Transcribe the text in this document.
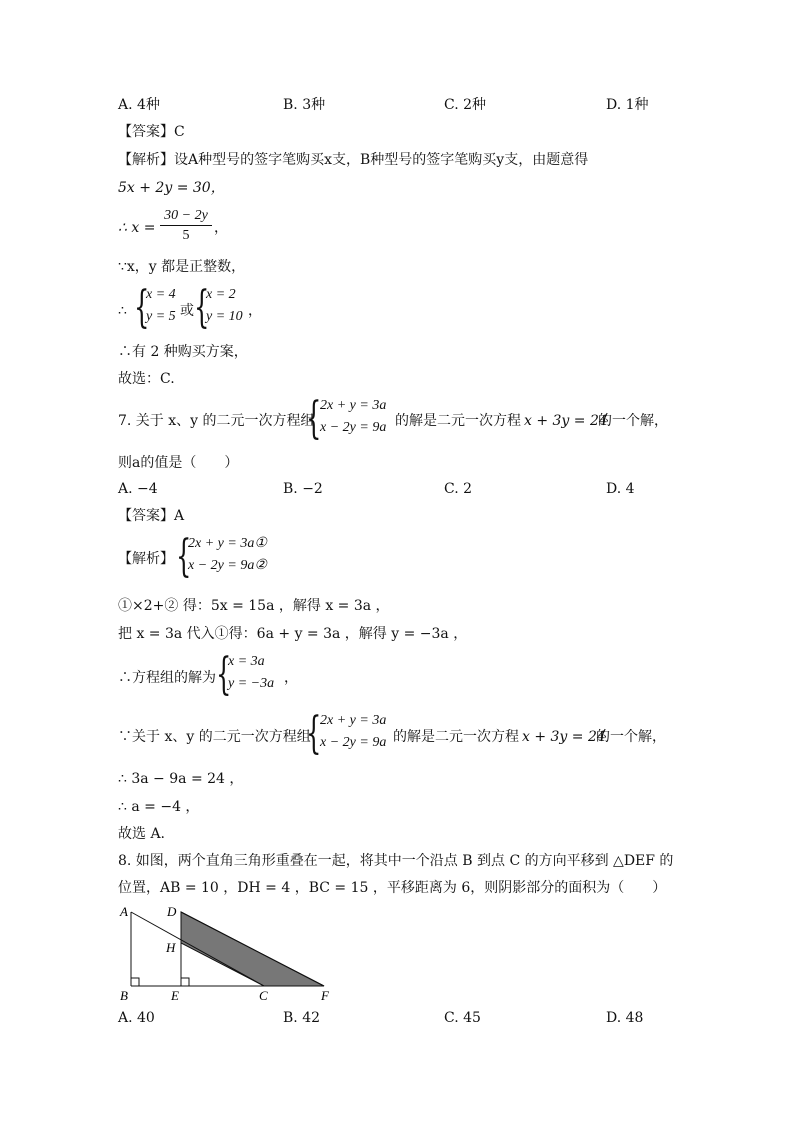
A. 4种	B. 3种	C. 2种	D. 1种
【答案】C
【解析】设A种型号的签字笔购买x支，B种型号的签字笔购买y支，由题意得
5x + 2y = 30，
∴ $x = \frac{30 - 2y}{5}$ ，
∵x，y 都是正整数，
∴ {
x = 4
y = 5 或 {
x = 2
y = 10 ，
∴有 2 种购买方案，
故选：C.
7. 关于 x、y 的二元一次方程组
{
2x + y = 3a
x − 2y = 9a 的解是二元一次方程 x + 3y = 24
的一个解，
则a的值是（　　）
A. −4	B. −2	C. 2	D. 4
【答案】A
【解析】 {
2x + y = 3a①
x − 2y = 9a②
①×2+② 得：5x = 15a ，解得 x = 3a ，
把 x = 3a 代入①得：6a + y = 3a ，解得 y = −3a ，
∴方程组的解为 {
x = 3a
y = −3a ，
∵关于 x、y 的二元一次方程组
{
2x + y = 3a
x − 2y = 9a 的解是二元一次方程 x + 3y = 24
的一个解，
∴ 3a − 9a = 24 ，
∴ a = −4 ，
故选 A.
8. 如图，两个直角三角形重叠在一起，将其中一个沿点 B 到点 C 的方向平移到 △DEF 的
位置，AB = 10 ，DH = 4 ，BC = 15 ，平移距离为 6，则阴影部分的面积为（　　）
A	D
H
B	E	C	F
A. 40	B. 42	C. 45	D. 48
